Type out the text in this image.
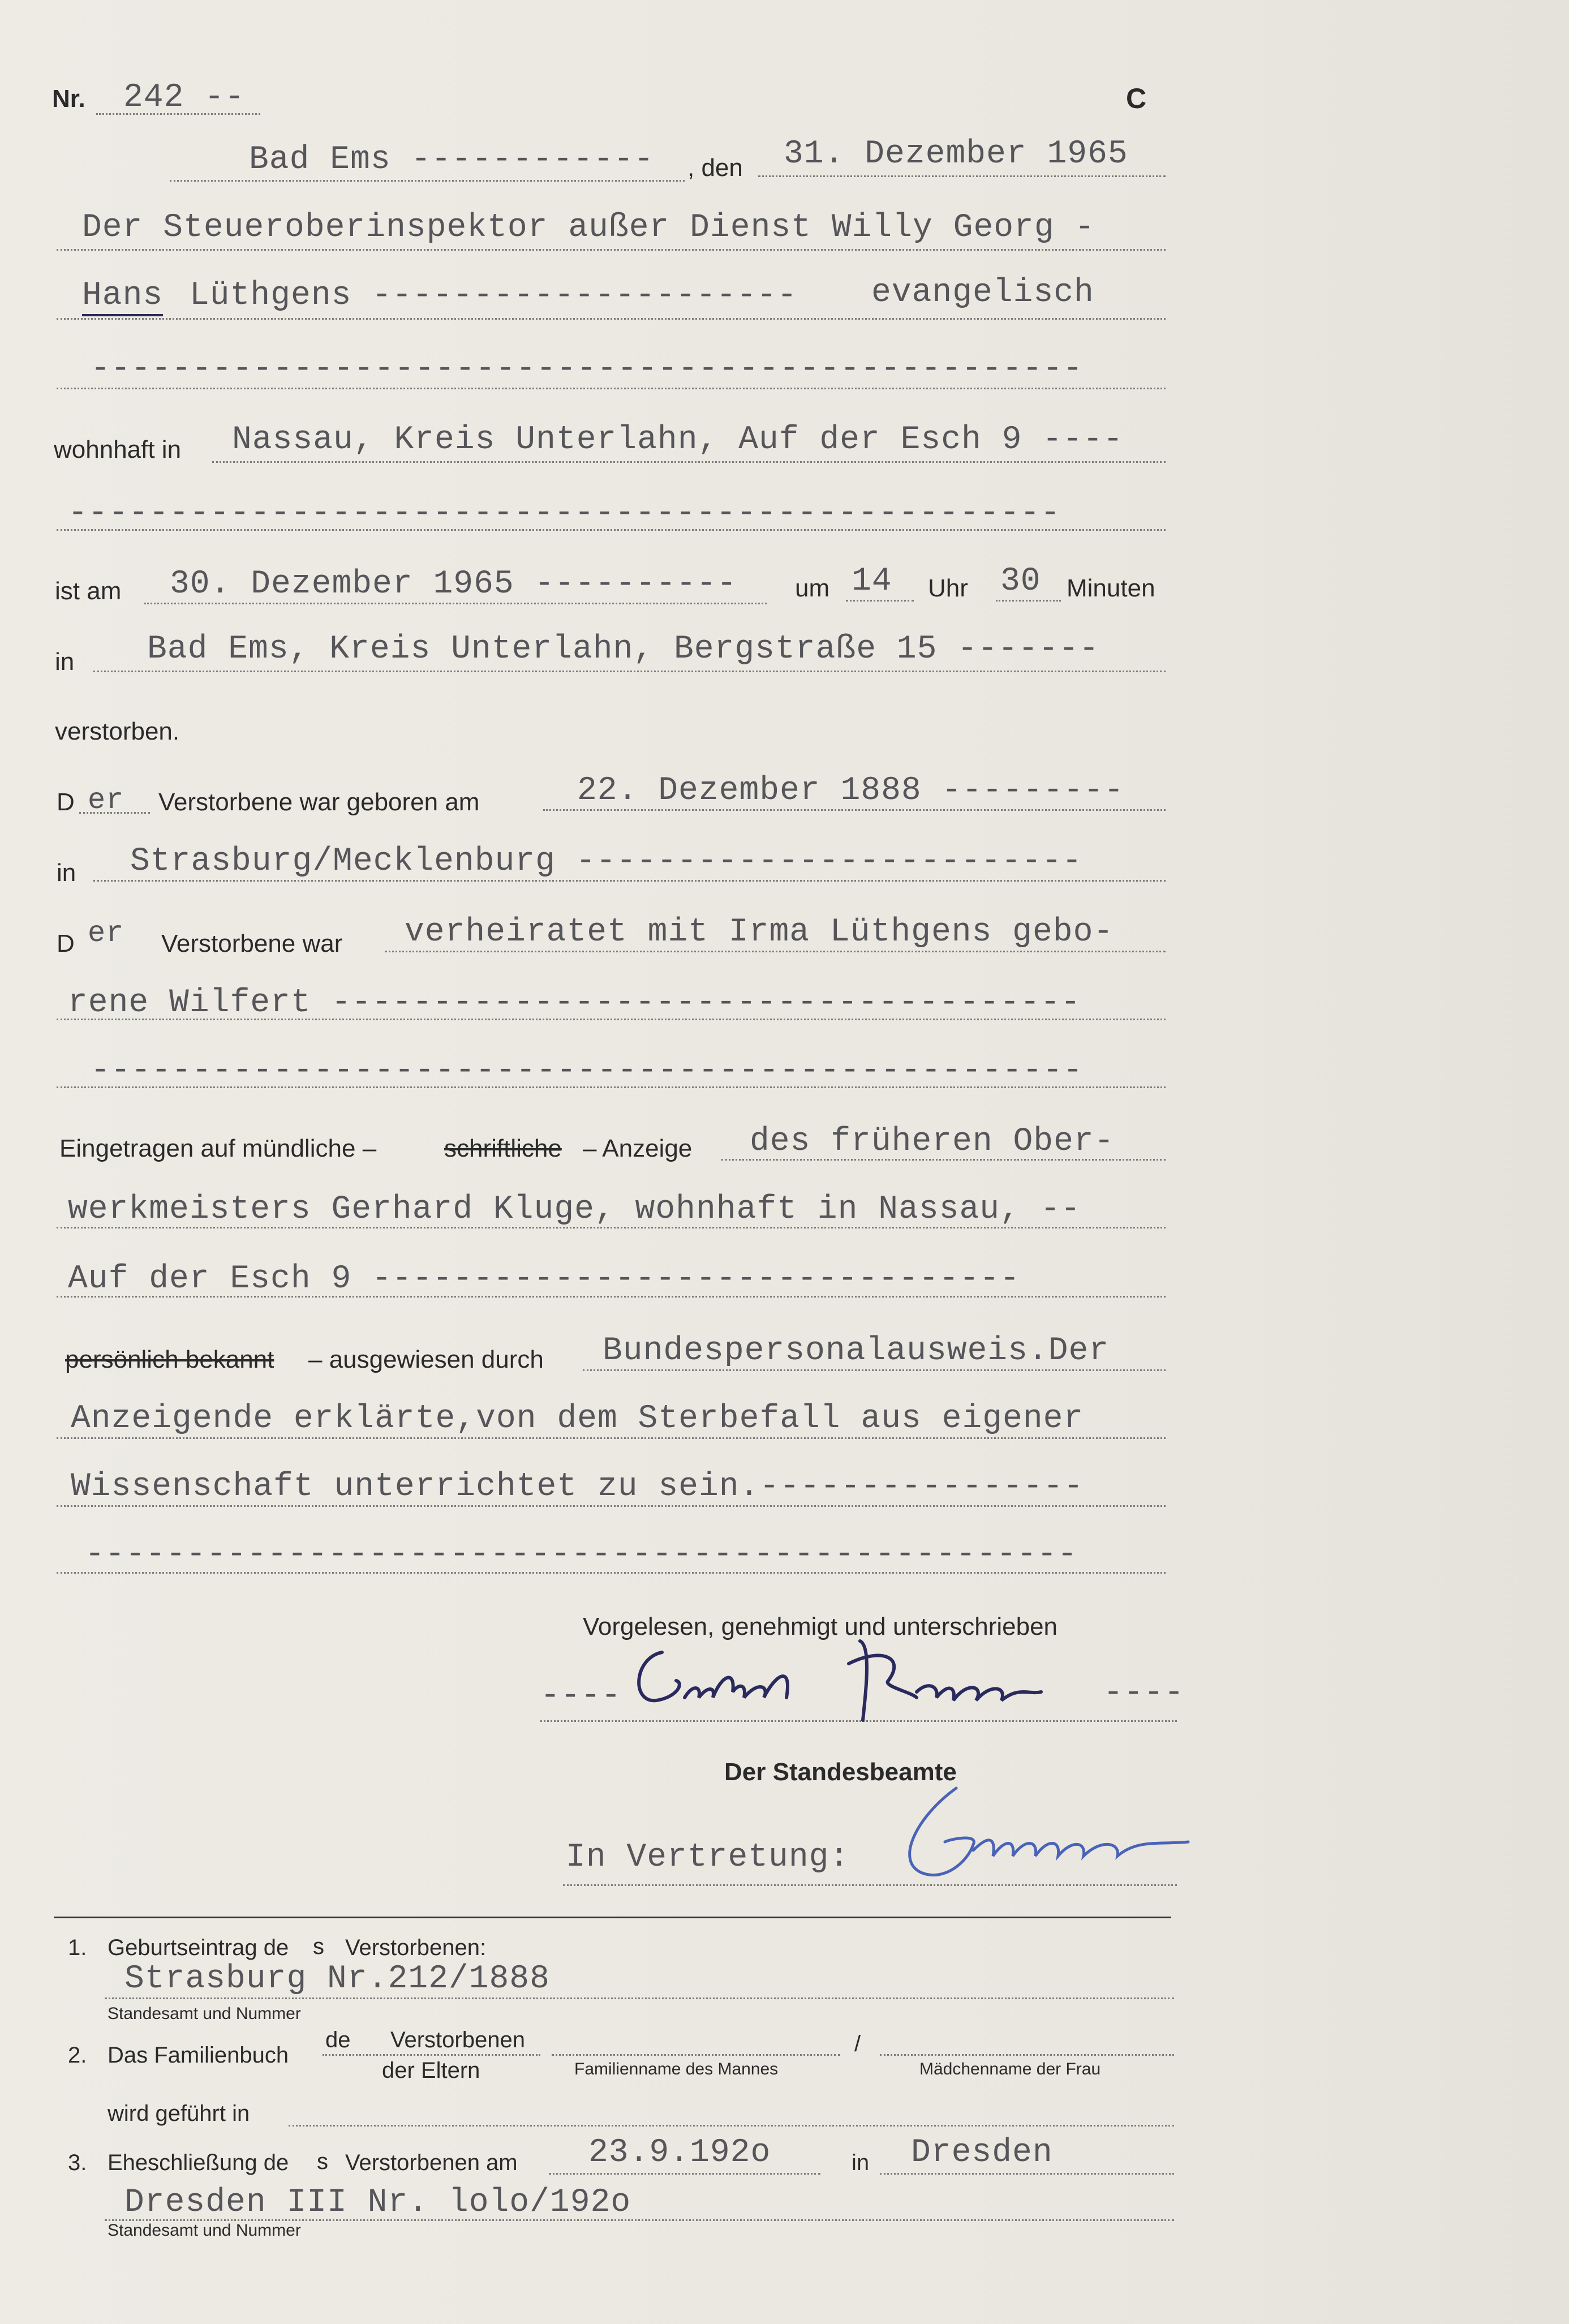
Nr. 242 --	C
Bad Ems ------------ , den 31. Dezember 1965
Der Steueroberinspektor außer Dienst Willy Georg -
Hans Lüthgens --------------------- evangelisch
-------------------------------------------------
wohnhaft in Nassau, Kreis Unterlahn, Auf der Esch 9 ----
-------------------------------------------------
ist am 30. Dezember 1965 ---------- um 14 Uhr 30 Minuten
in Bad Ems, Kreis Unterlahn, Bergstraße 15 -------
verstorben.
D er Verstorbene war geboren am	22. Dezember 1888 ---------
in Strasburg/Mecklenburg -------------------------
D er Verstorbene war verheiratet mit Irma Lüthgens gebo-
rene Wilfert -------------------------------------
-------------------------------------------------
Eingetragen auf mündliche –	schriftliche – Anzeige des früheren Ober-
werkmeisters Gerhard Kluge, wohnhaft in Nassau, --
Auf der Esch 9 --------------------------------
persönlich bekannt – ausgewiesen durch Bundespersonalausweis.Der
Anzeigende erklärte,von dem Sterbefall aus eigener
Wissenschaft unterrichtet zu sein.----------------
-------------------------------------------------
Vorgelesen, genehmigt und unterschrieben
----	----
Der Standesbeamte
In Vertretung:
1. Geburtseintrag de s Verstorbenen:
Strasburg Nr.212/1888
Standesamt und Nummer
2. Das Familienbuch
de Verstorbenen
der Eltern
/
Familienname des Mannes	Mädchenname der Frau
wird geführt in
3. Eheschließung de s Verstorbenen am 23.9.192o	in Dresden
Dresden III Nr. lolo/192o
Standesamt und Nummer
